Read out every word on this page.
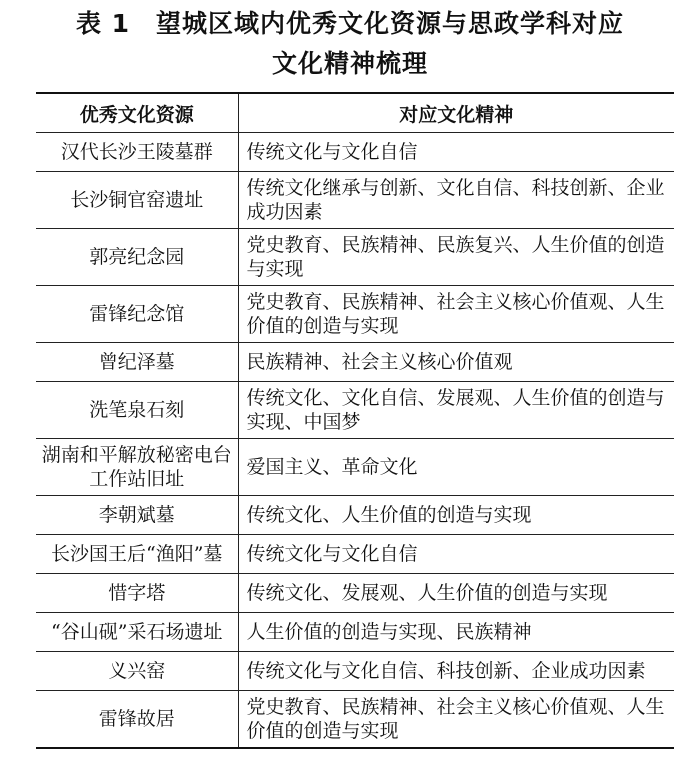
表 1　望城区域内优秀文化资源与思政学科对应
文化精神梳理
优秀文化资源	对应文化精神
汉代长沙王陵墓群	传统文化与文化自信
长沙铜官窑遗址	传统文化继承与创新、文化自信、科技创新、企业成功因素
郭亮纪念园	党史教育、民族精神、民族复兴、人生价值的创造与实现
雷锋纪念馆	党史教育、民族精神、社会主义核心价值观、人生价值的创造与实现
曾纪泽墓	民族精神、社会主义核心价值观
洗笔泉石刻	传统文化、文化自信、发展观、人生价值的创造与实现、中国梦
湖南和平解放秘密电台工作站旧址	爱国主义、革命文化
李朝斌墓	传统文化、人生价值的创造与实现
长沙国王后“渔阳”墓	传统文化与文化自信
惜字塔	传统文化、发展观、人生价值的创造与实现
“谷山砚”采石场遗址	人生价值的创造与实现、民族精神
义兴窑	传统文化与文化自信、科技创新、企业成功因素
雷锋故居	党史教育、民族精神、社会主义核心价值观、人生价值的创造与实现
